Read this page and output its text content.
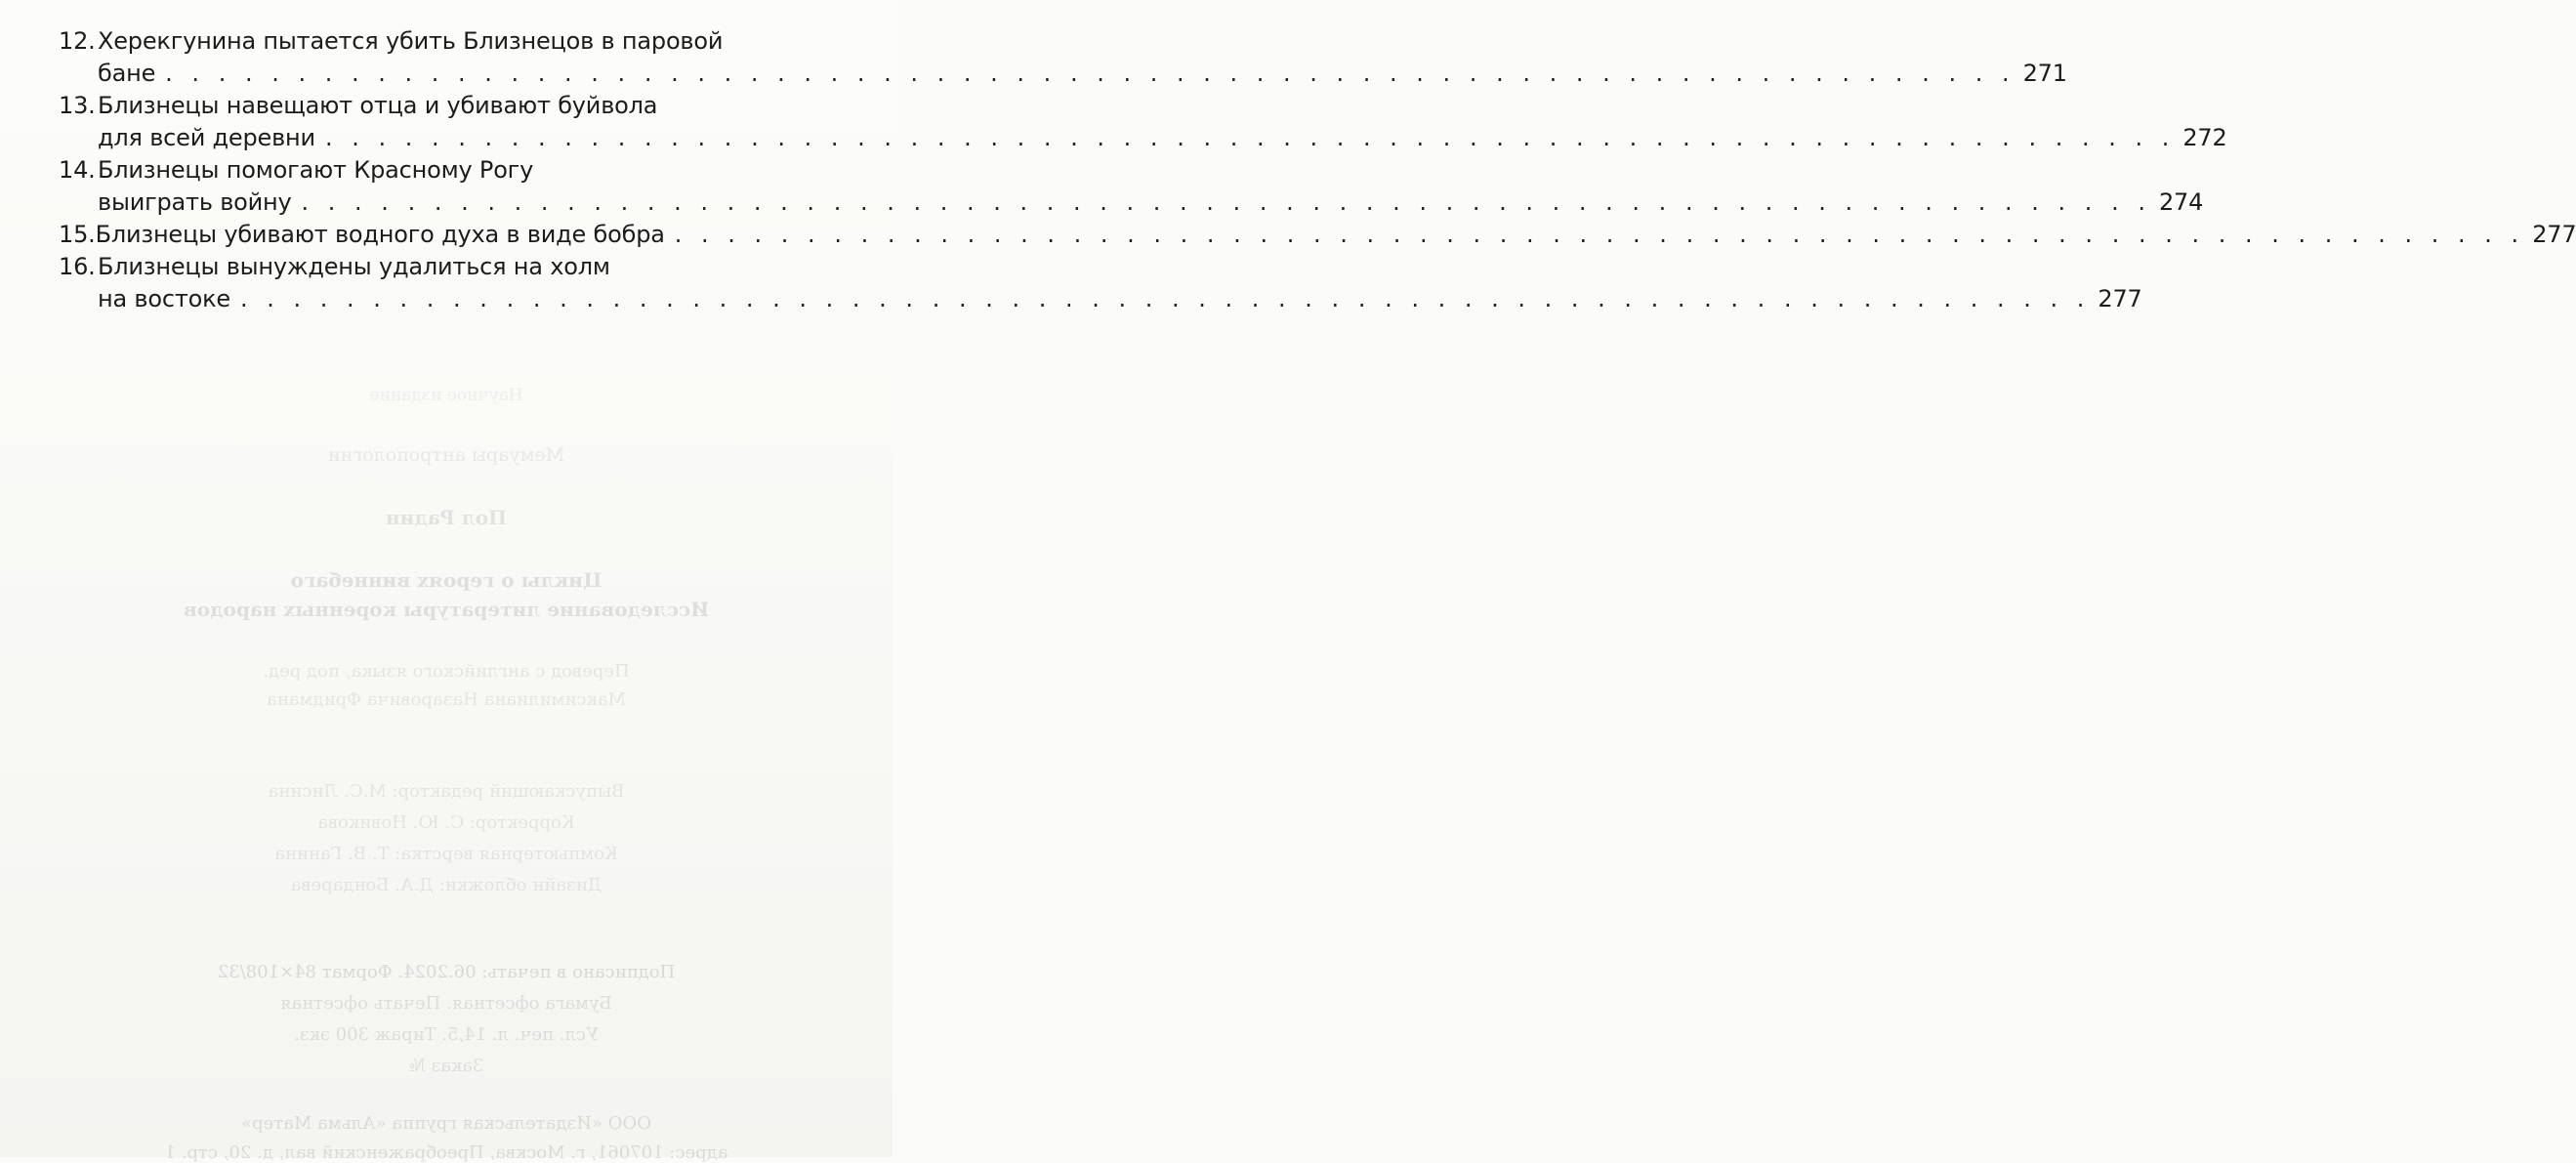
12. Херекгунина пытается убить Близнецов в паровой
бане . . .	271
13. Близнецы навещают отца и убивают буйвола
для всей деревни . . .	272
14. Близнецы помогают Красному Рогу
выиграть войну . . .	274
15. Близнецы убивают водного духа в виде бобра . . .	277
16. Близнецы вынуждены удалиться на холм
на востоке . . .	277
Научное издание
Мемуары антропологии
Пол Радин
Циклы о героях виннебаго
Исследование литературы коренных народов
Перевод с английского языка, под ред.
Максимилиана Назаровича Фридмана
Выпускающий редактор: М.С. Лисина
Корректор: С. Ю. Новикова
Компьютерная верстка: Т. В. Ганина
Дизайн обложки: Д.А. Бондарева
Подписано в печать: 06.2024. Формат 84×108/32
Бумага офсетная. Печать офсетная
Усл. печ. л. 14,5. Тираж 300 экз.
Заказ №
ООО «Издательская группа «Альма Матер»
адрес: 107061, г. Москва, Преображенский вал, д. 20, стр. 1
